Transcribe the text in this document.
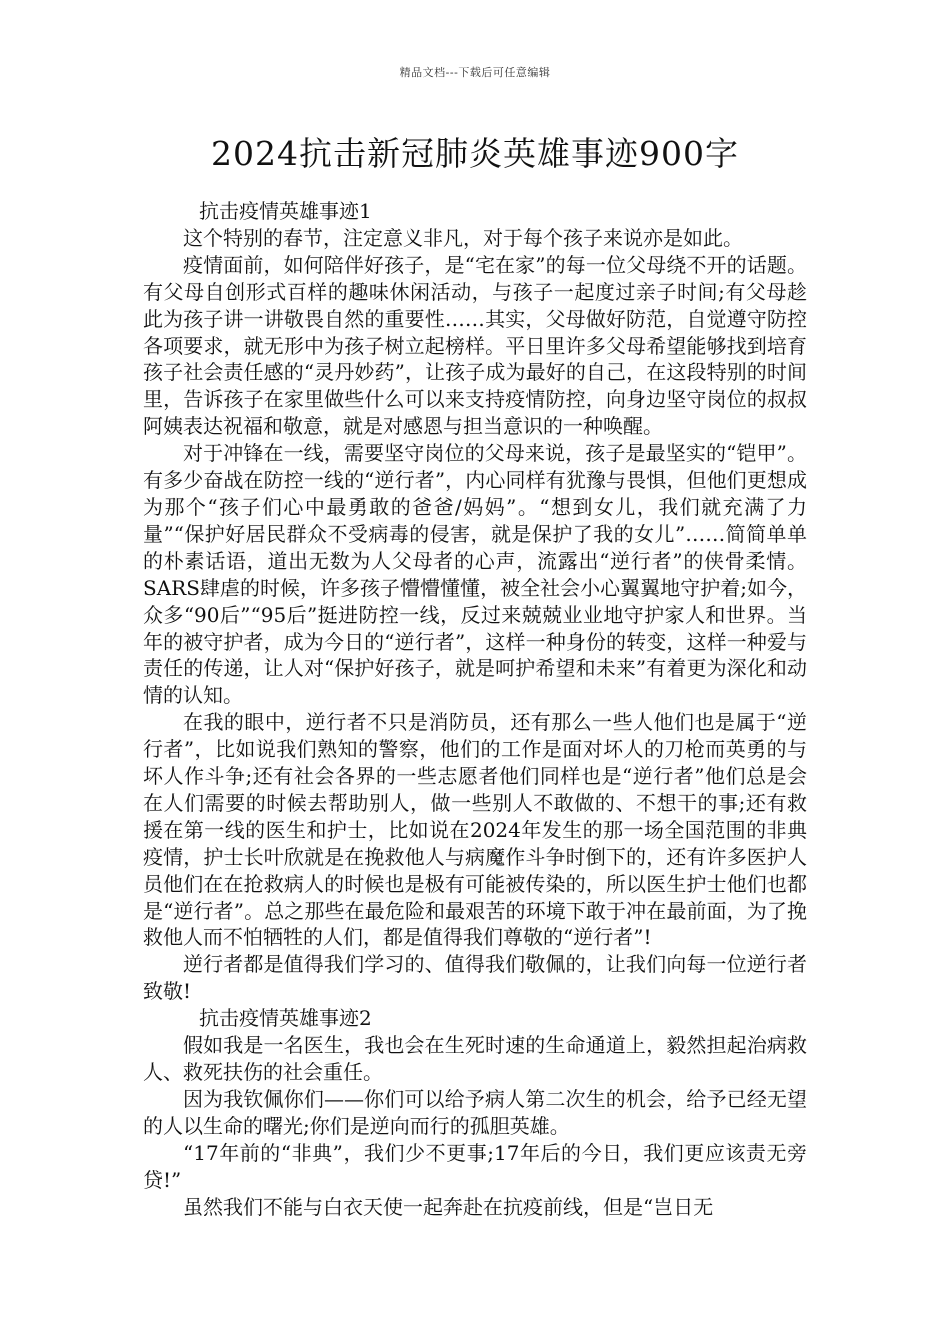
精品文档---下载后可任意编辑
2024抗击新冠肺炎英雄事迹900字

抗击疫情英雄事迹1

这个特别的春节，注定意义非凡，对于每个孩子来说亦是如此。

疫情面前，如何陪伴好孩子，是“宅在家”的每一位父母绕不开的话题。有父母自创形式百样的趣味休闲活动，与孩子一起度过亲子时间;有父母趁此为孩子讲一讲敬畏自然的重要性……其实，父母做好防范，自觉遵守防控各项要求，就无形中为孩子树立起榜样。平日里许多父母希望能够找到培育孩子社会责任感的“灵丹妙药”，让孩子成为最好的自己，在这段特别的时间里，告诉孩子在家里做些什么可以来支持疫情防控，向身边坚守岗位的叔叔阿姨表达祝福和敬意，就是对感恩与担当意识的一种唤醒。

对于冲锋在一线，需要坚守岗位的父母来说，孩子是最坚实的“铠甲”。有多少奋战在防控一线的“逆行者”，内心同样有犹豫与畏惧，但他们更想成为那个“孩子们心中最勇敢的爸爸/妈妈”。“想到女儿，我们就充满了力量”“保护好居民群众不受病毒的侵害，就是保护了我的女儿”……简简单单的朴素话语，道出无数为人父母者的心声，流露出“逆行者”的侠骨柔情。SARS肆虐的时候，许多孩子懵懵懂懂，被全社会小心翼翼地守护着;如今，众多“90后”“95后”挺进防控一线，反过来兢兢业业地守护家人和世界。当年的被守护者，成为今日的“逆行者”，这样一种身份的转变，这样一种爱与责任的传递，让人对“保护好孩子，就是呵护希望和未来”有着更为深化和动情的认知。

在我的眼中，逆行者不只是消防员，还有那么一些人他们也是属于“逆行者”，比如说我们熟知的警察，他们的工作是面对坏人的刀枪而英勇的与坏人作斗争;还有社会各界的一些志愿者他们同样也是“逆行者”他们总是会在人们需要的时候去帮助别人，做一些别人不敢做的、不想干的事;还有救援在第一线的医生和护士，比如说在2024年发生的那一场全国范围的非典疫情，护士长叶欣就是在挽救他人与病魔作斗争时倒下的，还有许多医护人员他们在在抢救病人的时候也是极有可能被传染的，所以医生护士他们也都是“逆行者”。总之那些在最危险和最艰苦的环境下敢于冲在最前面，为了挽救他人而不怕牺牲的人们，都是值得我们尊敬的“逆行者”!

逆行者都是值得我们学习的、值得我们敬佩的，让我们向每一位逆行者致敬!

抗击疫情英雄事迹2

假如我是一名医生，我也会在生死时速的生命通道上，毅然担起治病救人、救死扶伤的社会重任。

因为我钦佩你们——你们可以给予病人第二次生的机会，给予已经无望的人以生命的曙光;你们是逆向而行的孤胆英雄。

“17年前的“非典”，我们少不更事;17年后的今日，我们更应该责无旁贷!”

虽然我们不能与白衣天使一起奔赴在抗疫前线，但是“岂日无
